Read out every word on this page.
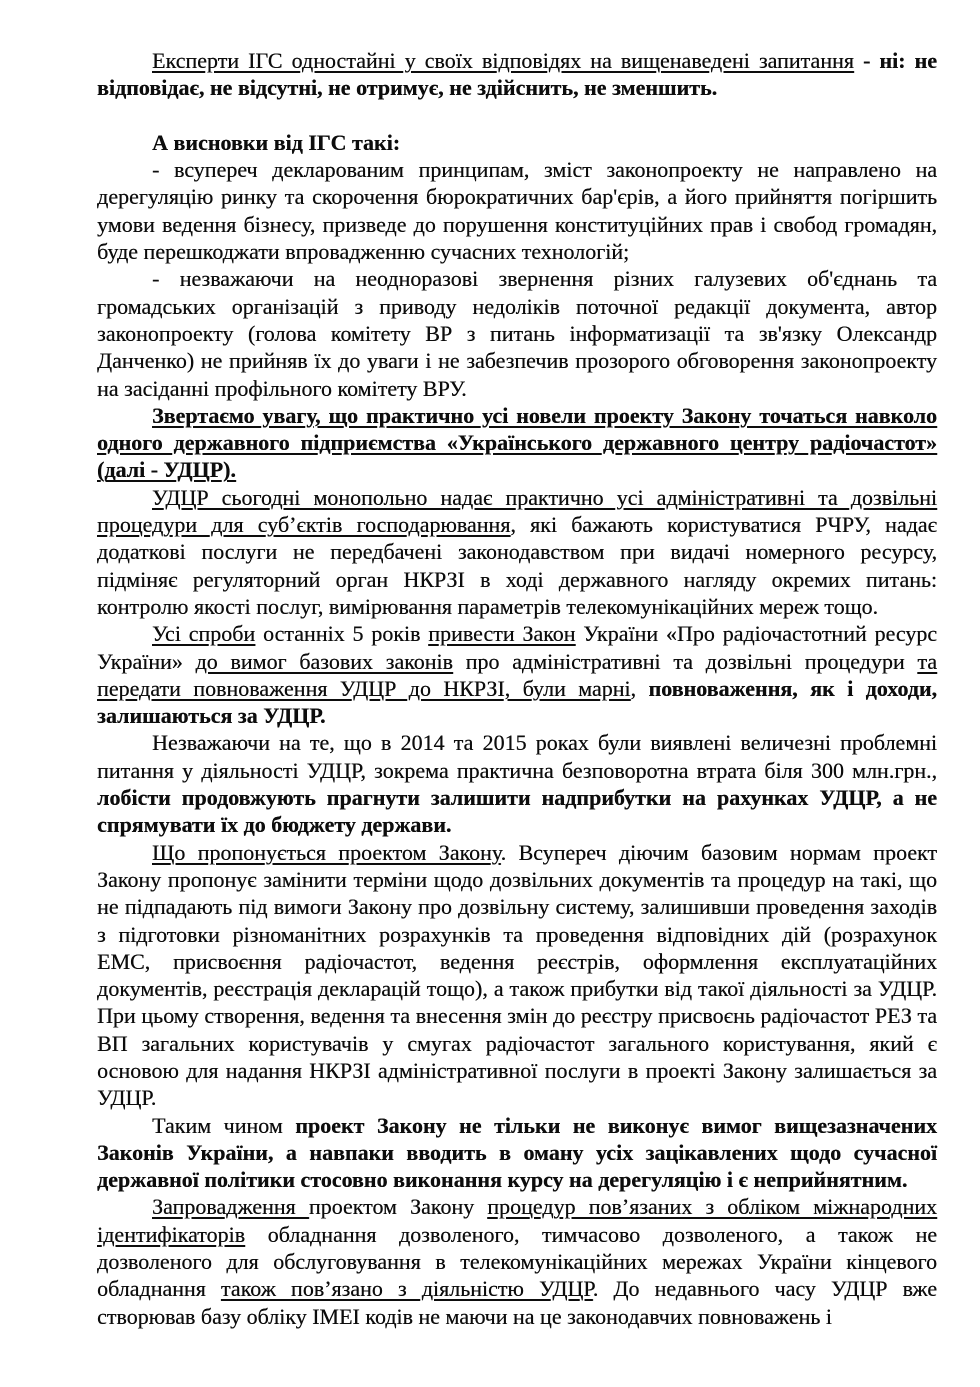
Експерти ІГС одностайні у своїх відповідях на вищенаведені запитання - ні: не відповідає, не відсутні, не отримує, не здійснить, не зменшить.

А висновки від ІГС такі:

- всупереч декларованим принципам, зміст законопроекту не направлено на дерегуляцію ринку та скорочення бюрократичних бар'єрів, а його прийняття погіршить умови ведення бізнесу, призведе до порушення конституційних прав і свобод громадян, буде перешкоджати впровадженню сучасних технологій;

- незважаючи на неодноразові звернення різних галузевих об'єднань та громадських організацій з приводу недоліків поточної редакції документа, автор законопроекту (голова комітету ВР з питань інформатизації та зв'язку Олександр Данченко) не прийняв їх до уваги і не забезпечив прозорого обговорення законопроекту на засіданні профільного комітету ВРУ.

Звертаємо увагу, що практично усі новели проекту Закону точаться навколо одного державного підприємства «Українського державного центру радіочастот» (далі - УДЦР).

УДЦР сьогодні монопольно надає практично усі адміністративні та дозвільні процедури для суб’єктів господарювання, які бажають користуватися РЧРУ, надає додаткові послуги не передбачені законодавством при видачі номерного ресурсу, підміняє регуляторний орган НКРЗІ в ході державного нагляду окремих питань: контролю якості послуг, вимірювання параметрів телекомунікаційних мереж тощо.

Усі спроби останніх 5 років привести Закон України «Про радіочастотний ресурс України» до вимог базових законів про адміністративні та дозвільні процедури та передати повноваження УДЦР до НКРЗІ, були марні, повноваження, як і доходи, залишаються за УДЦР.

Незважаючи на те, що в 2014 та 2015 роках були виявлені величезні проблемні питання у діяльності УДЦР, зокрема практична безповоротна втрата біля 300 млн.грн., лобісти продовжують прагнути залишити надприбутки на рахунках УДЦР, а не спрямувати їх до бюджету держави.

Що пропонується проектом Закону. Всупереч діючим базовим нормам проект Закону пропонує замінити терміни щодо дозвільних документів та процедур на такі, що не підпадають під вимоги Закону про дозвільну систему, залишивши проведення заходів з підготовки різноманітних розрахунків та проведення відповідних дій (розрахунок ЕМС, присвоєння радіочастот, ведення реєстрів, оформлення експлуатаційних документів, реєстрація декларацій тощо), а також прибутки від такої діяльності за УДЦР. При цьому створення, ведення та внесення змін до реєстру присвоєнь радіочастот РЕЗ та ВП загальних користувачів у смугах радіочастот загального користування, який є основою для надання НКРЗІ адміністративної послуги в проекті Закону залишається за УДЦР.

Таким чином проект Закону не тільки не виконує вимог вищезазначених Законів України, а навпаки вводить в оману усіх зацікавлених щодо сучасної державної політики стосовно виконання курсу на дерегуляцію і є неприйнятним.

Запровадження проектом Закону процедур пов’язаних з обліком міжнародних ідентифікаторів обладнання дозволеного, тимчасово дозволеного, а також не дозволеного для обслуговування в телекомунікаційних мережах України кінцевого обладнання також пов’язано з діяльністю УДЦР. До недавнього часу УДЦР вже створював базу обліку IMEI кодів не маючи на це законодавчих повноважень і
